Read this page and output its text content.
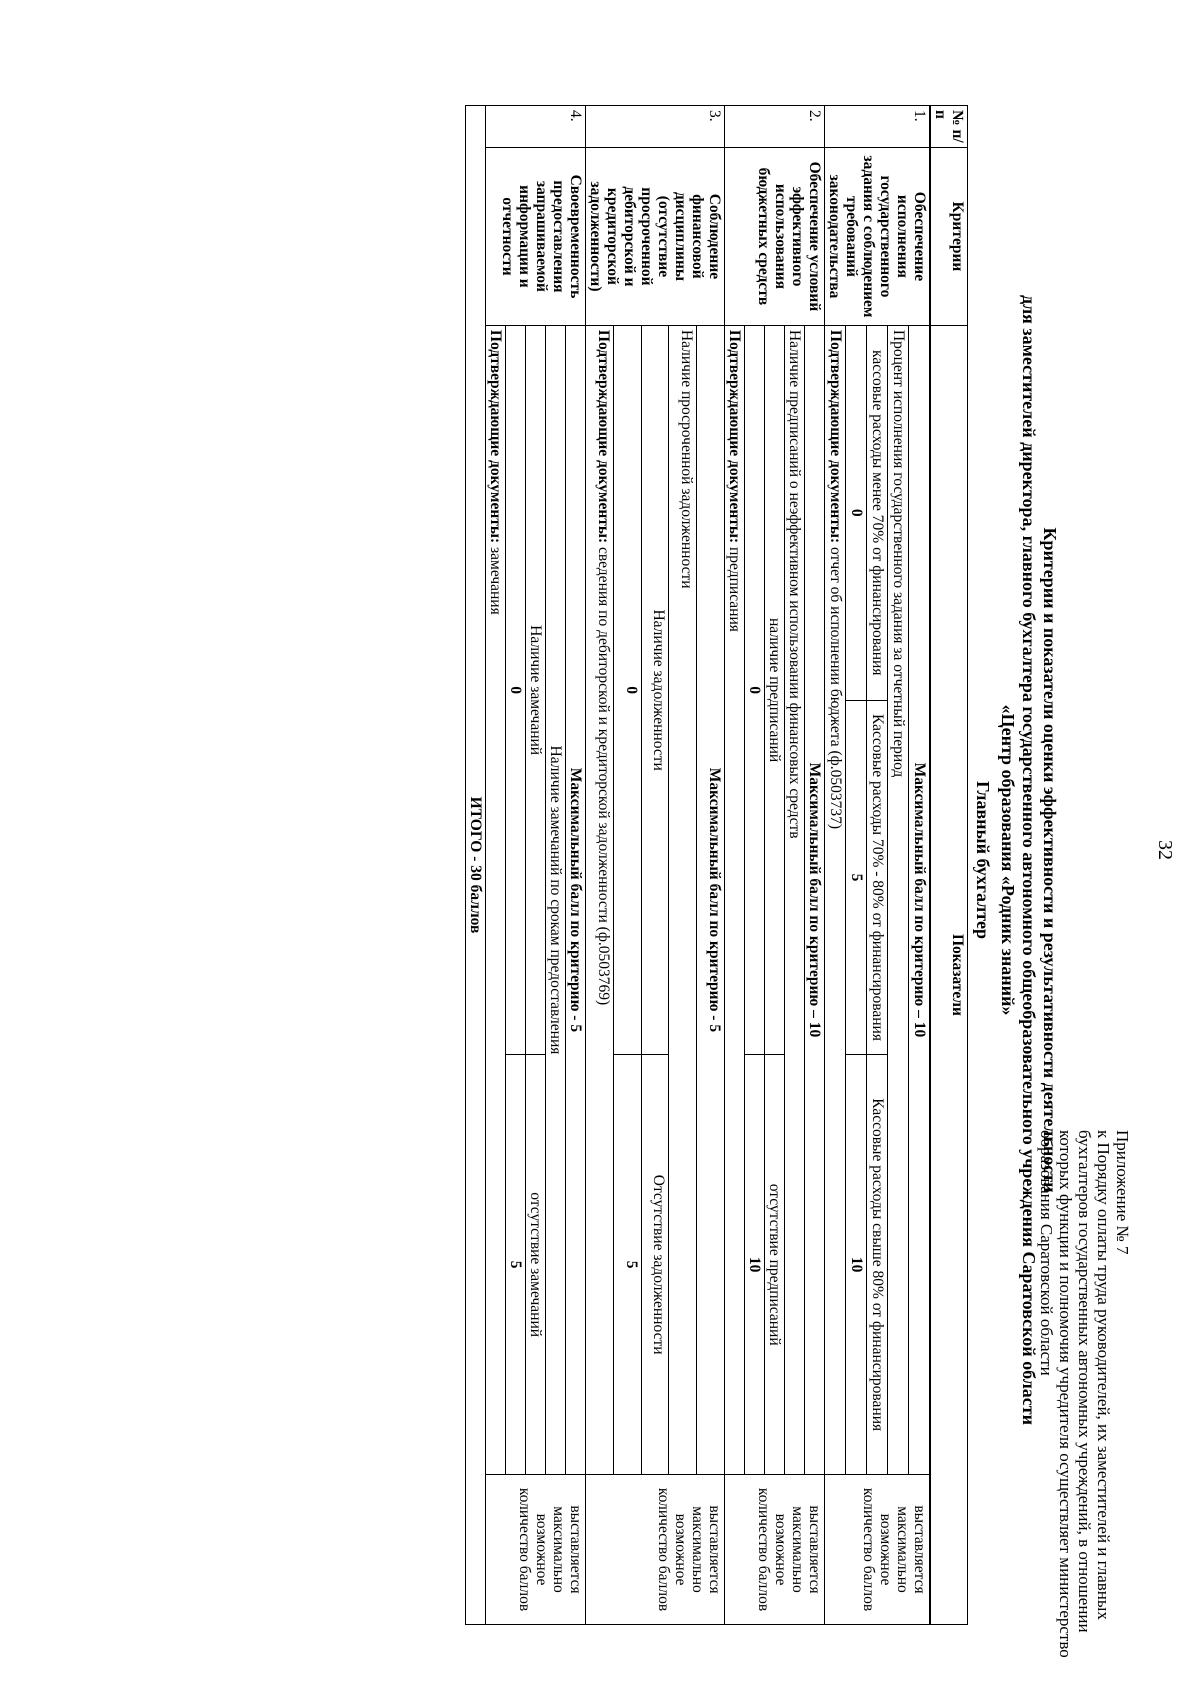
32
Приложение № 7
к Порядку оплаты труда руководителей, их заместителей и главных бухгалтеров государственных автономных учреждений, в отношении которых функции и полномочия учредителя осуществляет министерство образования Саратовской области
Критерии и показатели оценки эффективности и результативности деятельности
для заместителей директора, главного бухгалтера государственного автономного общеобразовательного учреждения Саратовской области
«Центр образования «Родник знаний»
Главный бухгалтер
№ п/п	Критерии	Показатели			
1.	Обеспечение исполнения государственного задания с соблюдением требований законодательства	Максимальный балл по критерию – 10			выставляется максимально возможное количество баллов
		Процент исполнения государственного задания за отчетный период			
		кассовые расходы менее 70% от финансирования	Кассовые расходы 70% - 80% от финансирования	Кассовые расходы свыше 80% от финансирования	
		0	5	10	
		Подтверждающие документы: отчет об исполнении бюджета (ф.0503737)			
2.	Обеспечение условий эффективного использования бюджетных средств	Максимальный балл по критерию – 10			выставляется максимально возможное количество баллов
		Наличие предписаний о неэффективном использовании финансовых средств			
		наличие предписаний		отсутствие предписаний	
		0		10	
		Подтверждающие документы: предписания			
3.	Соблюдение финансовой дисциплины (отсутствие просроченной дебиторской и кредиторской задолженности)	Максимальный балл по критерию - 5			выставляется максимально возможное количество баллов
		Наличие просроченной задолженности			
		Наличие задолженности		Отсутствие задолженности	
		0		5	
		Подтверждающие документы: сведения по дебиторской и кредиторской задолженности (ф.0503769)			
4.	Своевременность предоставления запрашиваемой информации и отчетности	Максимальный балл по критерию - 5			выставляется максимально возможное количество баллов
		Наличие замечаний по срокам предоставления			
		Наличие замечаний		отсутствие замечаний	
		0		5	
		Подтверждающие документы: замечания			
ИТОГО - 30 баллов					
